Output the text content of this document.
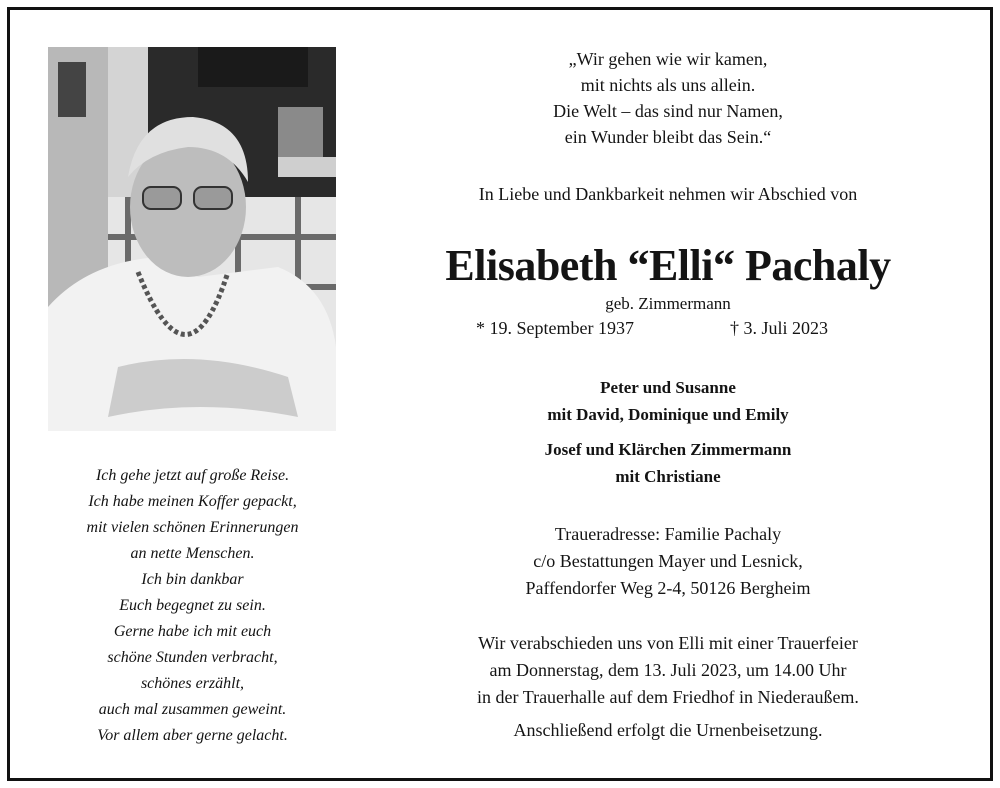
Ich gehe jetzt auf große Reise.
Ich habe meinen Koffer gepackt,
mit vielen schönen Erinnerungen
an nette Menschen.
Ich bin dankbar
Euch begegnet zu sein.
Gerne habe ich mit euch
schöne Stunden verbracht,
schönes erzählt,
auch mal zusammen geweint.
Vor allem aber gerne gelacht.
„Wir gehen wie wir kamen,
mit nichts als uns allein.
Die Welt – das sind nur Namen,
ein Wunder bleibt das Sein.“
In Liebe und Dankbarkeit nehmen wir Abschied von
Elisabeth “Elli“ Pachaly
geb. Zimmermann
* 19. September 1937	† 3. Juli 2023
Peter und Susanne
mit David, Dominique und Emily
Josef und Klärchen Zimmermann
mit Christiane
Traueradresse: Familie Pachaly
c/o Bestattungen Mayer und Lesnick,
Paffendorfer Weg 2-4, 50126 Bergheim
Wir verabschieden uns von Elli mit einer Trauerfeier
am Donnerstag, dem 13. Juli 2023, um 14.00 Uhr
in der Trauerhalle auf dem Friedhof in Niederaußem.
Anschließend erfolgt die Urnenbeisetzung.
